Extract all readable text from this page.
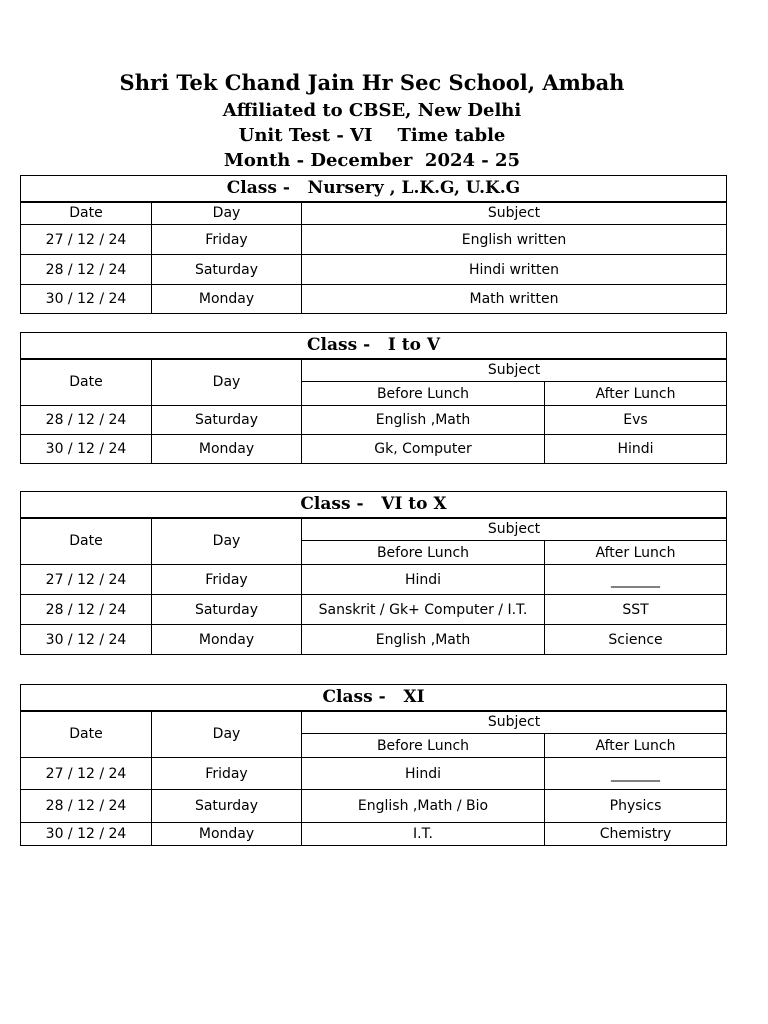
Shri Tek Chand Jain Hr Sec School, Ambah
Affiliated to CBSE, New Delhi
Unit Test - VI    Time table
Month - December  2024 - 25
Class -   Nursery , L.K.G, U.K.G		
Date	Day	Subject
27 / 12 / 24	Friday	English written
28 / 12 / 24	Saturday	Hindi written
30 / 12 / 24	Monday	Math written
Class -   I to V			
Date	Day	Subject	
		Before Lunch	After Lunch
28 / 12 / 24	Saturday	English ,Math	Evs
30 / 12 / 24	Monday	Gk, Computer	Hindi
Class -   VI to X			
Date	Day	Subject	
		Before Lunch	After Lunch
27 / 12 / 24	Friday	Hindi	_______
28 / 12 / 24	Saturday	Sanskrit / Gk+ Computer / I.T.	SST
30 / 12 / 24	Monday	English ,Math	Science
Class -   XI			
Date	Day	Subject	
		Before Lunch	After Lunch
27 / 12 / 24	Friday	Hindi	_______
28 / 12 / 24	Saturday	English ,Math / Bio	Physics
30 / 12 / 24	Monday	I.T.	Chemistry
